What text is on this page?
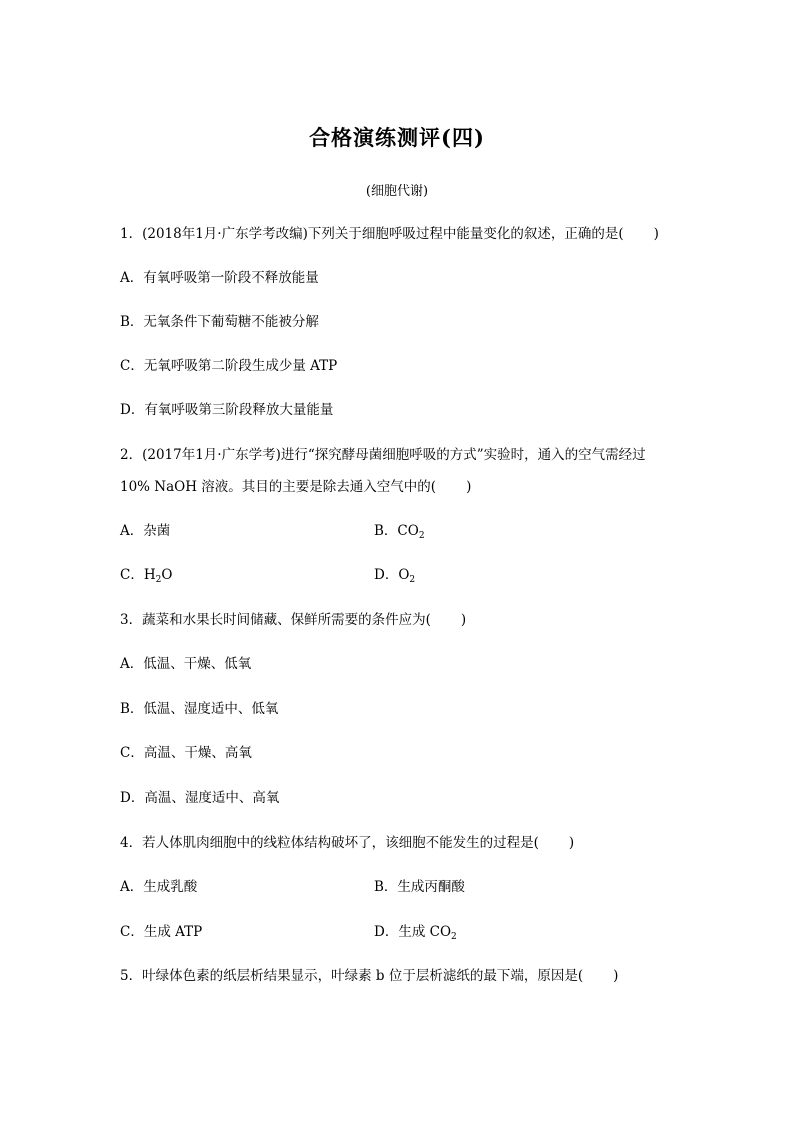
合格演练测评(四)
(细胞代谢)
1．(2018年1月·广东学考改编)下列关于细胞呼吸过程中能量变化的叙述，正确的是( )
A．有氧呼吸第一阶段不释放能量
B．无氧条件下葡萄糖不能被分解
C．无氧呼吸第二阶段生成少量 ATP
D．有氧呼吸第三阶段释放大量能量
2．(2017年1月·广东学考)进行“探究酵母菌细胞呼吸的方式”实验时，通入的空气需经过
10% NaOH 溶液。其目的主要是除去通入空气中的( )
A．杂菌	B．$CO_2$
C．$H_2O$	D．$O_2$
3．蔬菜和水果长时间储藏、保鲜所需要的条件应为( )
A．低温、干燥、低氧
B．低温、湿度适中、低氧
C．高温、干燥、高氧
D．高温、湿度适中、高氧
4．若人体肌肉细胞中的线粒体结构破坏了，该细胞不能发生的过程是( )
A．生成乳酸	B．生成丙酮酸
C．生成 ATP	D．生成 $CO_2$
5．叶绿体色素的纸层析结果显示，叶绿素 b 位于层析滤纸的最下端，原因是( )
